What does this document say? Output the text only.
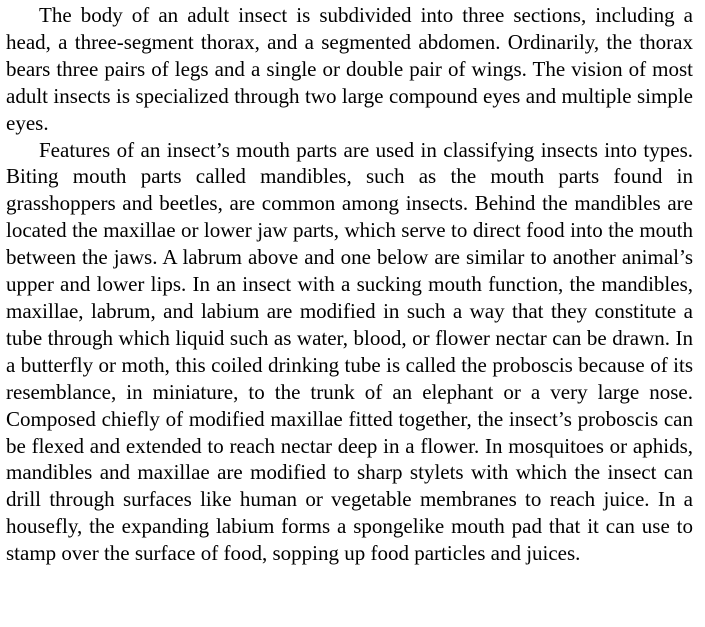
The body of an adult insect is subdivided into three sections, including a head, a three-segment thorax, and a segmented abdomen. Ordinarily, the thorax bears three pairs of legs and a single or double pair of wings. The vision of most adult insects is specialized through two large compound eyes and multiple simple eyes.

Features of an insect’s mouth parts are used in classifying insects into types. Biting mouth parts called mandibles, such as the mouth parts found in grasshoppers and beetles, are common among insects. Behind the mandibles are located the maxillae or lower jaw parts, which serve to direct food into the mouth between the jaws. A labrum above and one below are similar to another animal’s upper and lower lips. In an insect with a sucking mouth function, the mandibles, maxillae, labrum, and labium are modified in such a way that they constitute a tube through which liquid such as water, blood, or flower nectar can be drawn. In a butterfly or moth, this coiled drinking tube is called the proboscis because of its resemblance, in miniature, to the trunk of an elephant or a very large nose. Composed chiefly of modified maxillae fitted together, the insect’s proboscis can be flexed and extended to reach nectar deep in a flower. In mosquitoes or aphids, mandibles and maxillae are modified to sharp stylets with which the insect can drill through surfaces like human or vegetable membranes to reach juice. In a housefly, the expanding labium forms a spongelike mouth pad that it can use to stamp over the surface of food, sopping up food particles and juices.
